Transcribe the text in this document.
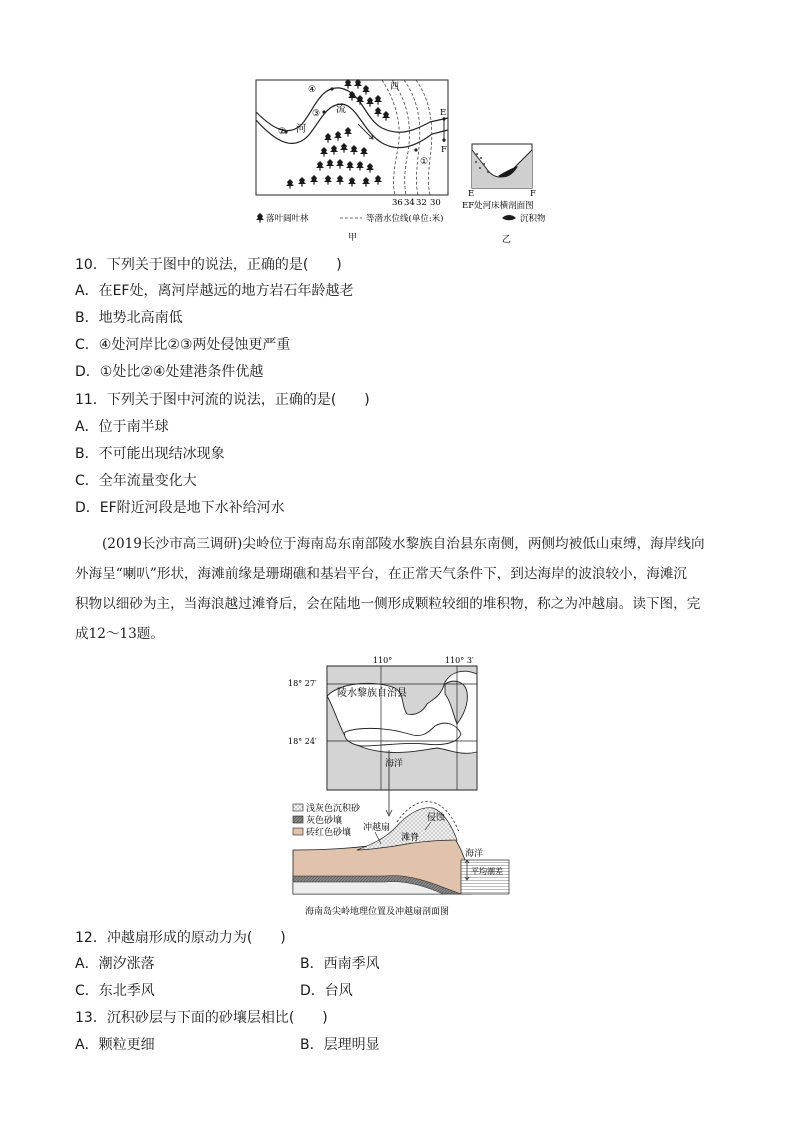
西
河
流
②
③
④
①
E
F
36 34 32 30
E	F
EF处河床横剖面图
落叶阔叶林	等潜水位线(单位:米)	沉积物
甲	乙
10．下列关于图中的说法，正确的是(　　)
A．在EF处，离河岸越远的地方岩石年龄越老
B．地势北高南低
C．④处河岸比②③两处侵蚀更严重
D．①处比②④处建港条件优越
11．下列关于图中河流的说法，正确的是(　　)
A．位于南半球
B．不可能出现结冰现象
C．全年流量变化大
D．EF附近河段是地下水补给河水
(2019长沙市高三调研)尖岭位于海南岛东南部陵水黎族自治县东南侧，两侧均被低山束缚，海岸线向
外海呈“喇叭”形状，海滩前缘是珊瑚礁和基岩平台，在正常天气条件下，到达海岸的波浪较小，海滩沉
积物以细砂为主，当海浪越过滩脊后，会在陆地一侧形成颗粒较细的堆积物，称之为冲越扇。读下图，完
成12～13题。
110°	110° 3′
18° 27′
18° 24′
陵水黎族自治县
海洋
浅灰色沉积砂
灰色砂壤
砖红色砂壤 冲越扇
侵蚀
滩脊
海洋
平均潮差
海南岛尖岭地理位置及冲越扇剖面图
12．冲越扇形成的原动力为(　　)
A．潮汐涨落	B．西南季风
C．东北季风	D．台风
13．沉积砂层与下面的砂壤层相比(　　)
A．颗粒更细	B．层理明显
